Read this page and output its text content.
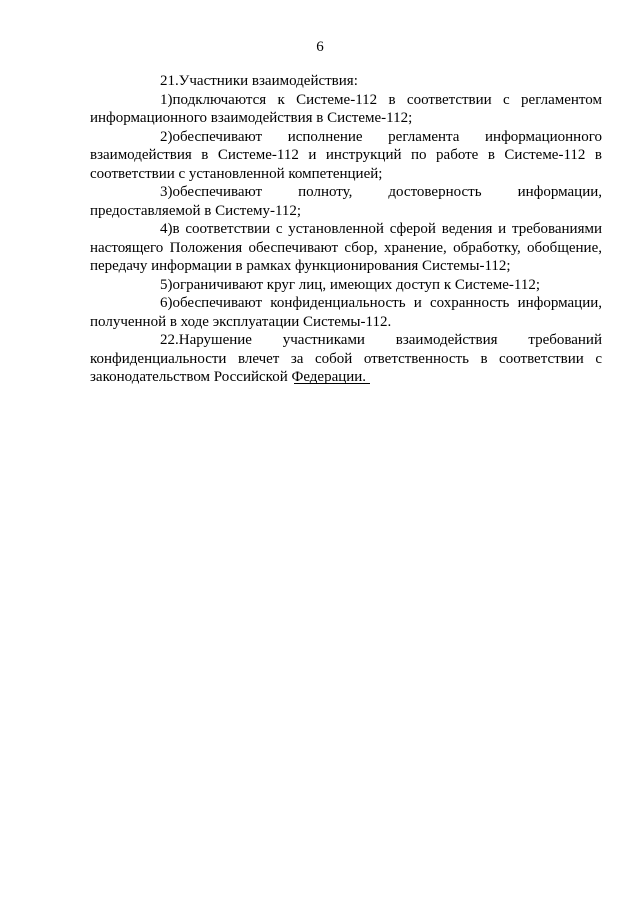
6

21.Участники взаимодействия:

1)подключаются к Системе-112 в соответствии с регламентом информационного взаимодействия в Системе-112;

2)обеспечивают исполнение регламента информационного взаимодействия в Системе-112 и инструкций по работе в Системе-112 в соответствии с установленной компетенцией;

3)обеспечивают полноту, достоверность информации, предоставляемой в Систему-112;

4)в соответствии с установленной сферой ведения и требованиями настоящего Положения обеспечивают сбор, хранение, обработку, обобщение, передачу информации в рамках функционирования Системы-112;

5)ограничивают круг лиц, имеющих доступ к Системе-112;

6)обеспечивают конфиденциальность и сохранность информации, полученной в ходе эксплуатации Системы-112.

22.Нарушение участниками взаимодействия требований конфиденциальности влечет за собой ответственность в соответствии с законодательством Российской Федерации.
